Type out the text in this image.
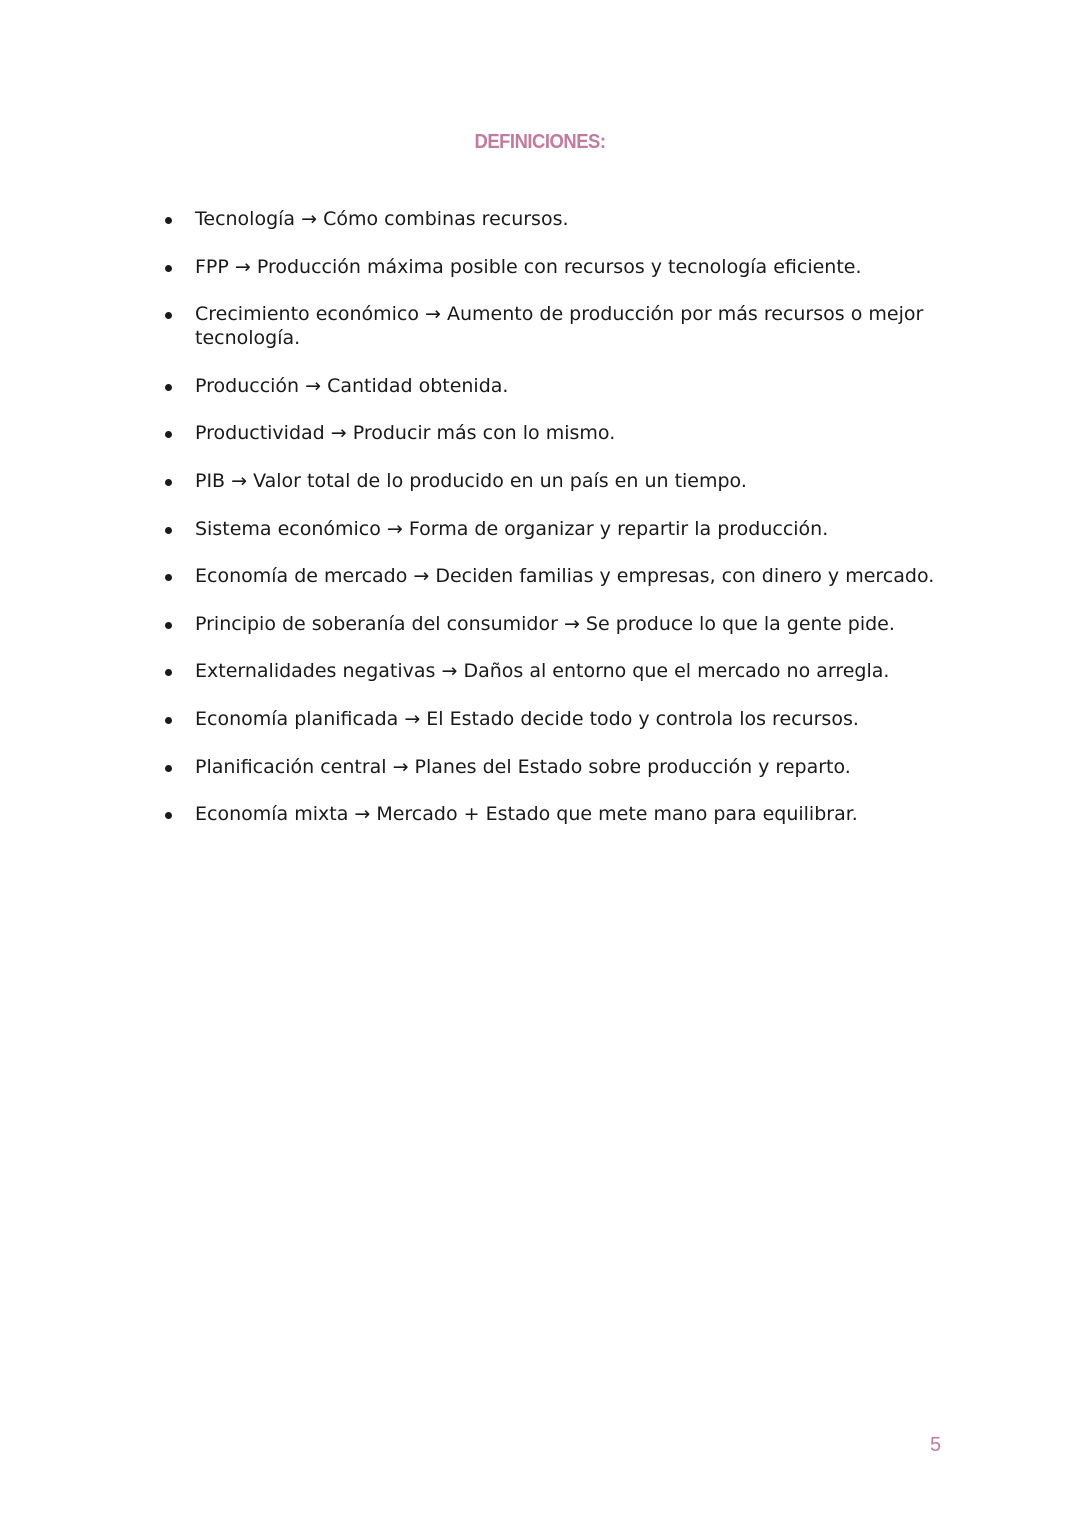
DEFINICIONES:
Tecnología → Cómo combinas recursos.
FPP → Producción máxima posible con recursos y tecnología eficiente.
Crecimiento económico → Aumento de producción por más recursos o mejor tecnología.
Producción → Cantidad obtenida.
Productividad → Producir más con lo mismo.
PIB → Valor total de lo producido en un país en un tiempo.
Sistema económico → Forma de organizar y repartir la producción.
Economía de mercado → Deciden familias y empresas, con dinero y mercado.
Principio de soberanía del consumidor → Se produce lo que la gente pide.
Externalidades negativas → Daños al entorno que el mercado no arregla.
Economía planificada → El Estado decide todo y controla los recursos.
Planificación central → Planes del Estado sobre producción y reparto.
Economía mixta → Mercado + Estado que mete mano para equilibrar.
5
